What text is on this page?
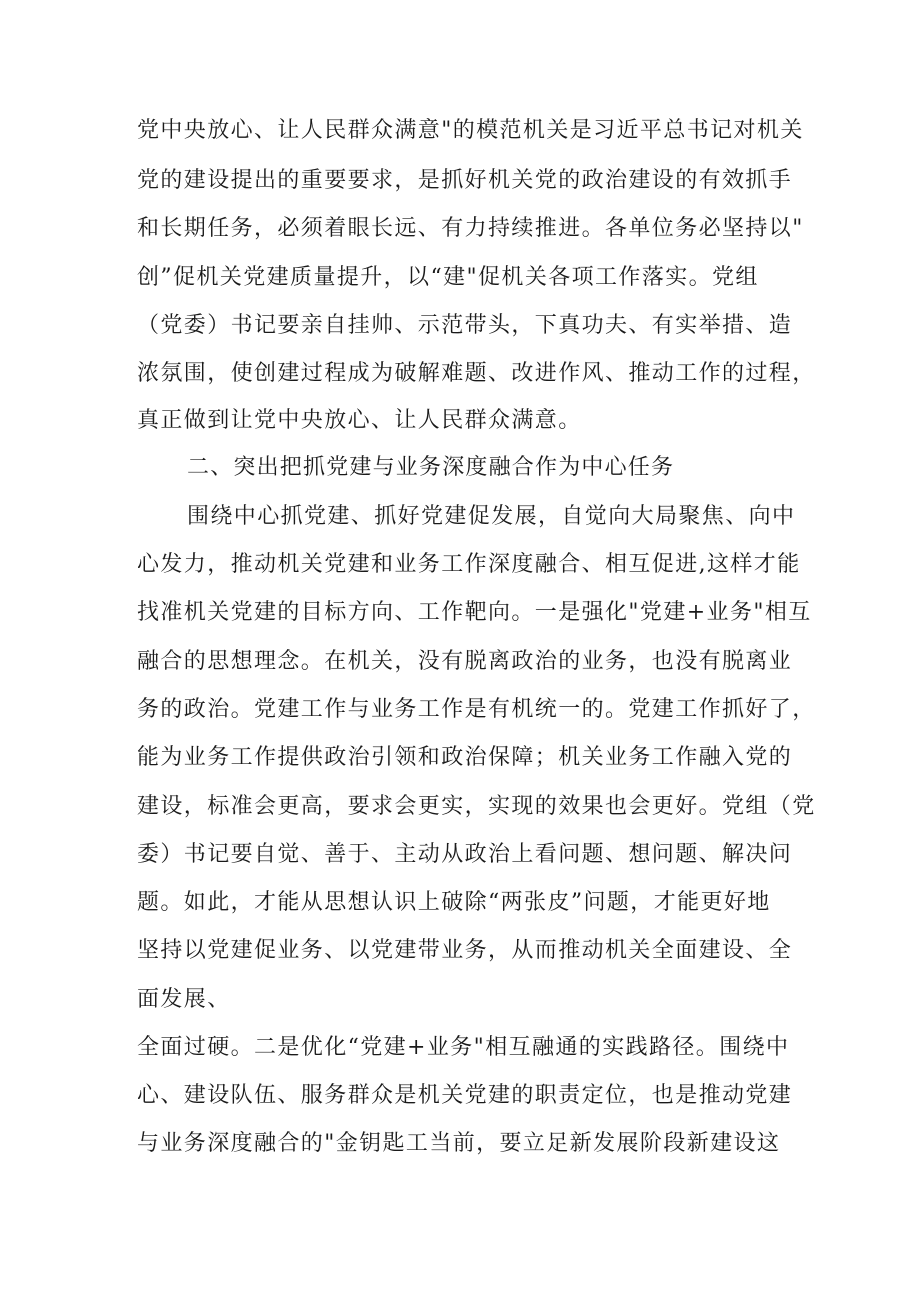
党中央放心、让人民群众满意"的模范机关是习近平总书记对机关
党的建设提出的重要要求，是抓好机关党的政治建设的有效抓手
和长期任务，必须着眼长远、有力持续推进。各单位务必坚持以"
创”促机关党建质量提升，以“建"促机关各项工作落实。党组
（党委）书记要亲自挂帅、示范带头，下真功夫、有实举措、造
浓氛围，使创建过程成为破解难题、改进作风、推动工作的过程，
真正做到让党中央放心、让人民群众满意。
二、突出把抓党建与业务深度融合作为中心任务
围绕中心抓党建、抓好党建促发展，自觉向大局聚焦、向中
心发力，推动机关党建和业务工作深度融合、相互促进,这样才能
找准机关党建的目标方向、工作靶向。一是强化"党建+业务"相互
融合的思想理念。在机关，没有脱离政治的业务，也没有脱离业
务的政治。党建工作与业务工作是有机统一的。党建工作抓好了，
能为业务工作提供政治引领和政治保障；机关业务工作融入党的
建设，标准会更高，要求会更实，实现的效果也会更好。党组（党
委）书记要自觉、善于、主动从政治上看问题、想问题、解决问
题。如此，才能从思想认识上破除“两张皮”问题，才能更好地
坚持以党建促业务、以党建带业务，从而推动机关全面建设、全
面发展、
全面过硬。二是优化“党建+业务"相互融通的实践路径。围绕中
心、建设队伍、服务群众是机关党建的职责定位，也是推动党建
与业务深度融合的"金钥匙工当前，要立足新发展阶段新建设这
